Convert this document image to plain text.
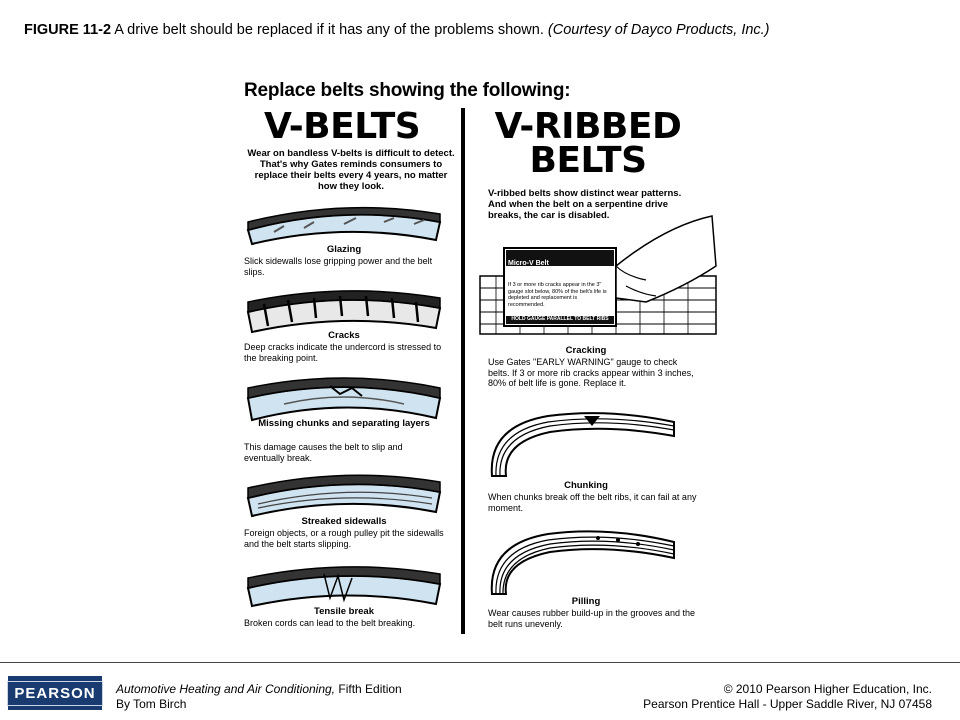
FIGURE 11-2 A drive belt should be replaced if it has any of the problems shown. (Courtesy of Dayco Products, Inc.)
Replace belts showing the following:
V-BELTS V-RIBBED
BELTS
Wear on bandless V-belts is difficult to detect. That's why Gates reminds consumers to replace their belts every 4 years, no matter how they look.
V-ribbed belts show distinct wear patterns. And when the belt on a serpentine drive breaks, the car is disabled.
Glazing
Slick sidewalls lose gripping power and the belt slips.
Cracks
Deep cracks indicate the undercord is stressed to the breaking point.
Missing chunks and separating layers
This damage causes the belt to slip and eventually break.
Streaked sidewalls
Foreign objects, or a rough pulley pit the sidewalls and the belt starts slipping.
Tensile break
Broken cords can lead to the belt breaking.
Micro-V Belt
EARLY WARNING
If 3 or more rib cracks appear in the 3" gauge slot below, 80% of the belt's life is depleted and replacement is recommended.
HOLD GAUGE PARALLEL TO BELT RIBS
Cracking
Use Gates "EARLY WARNING" gauge to check belts. If 3 or more rib cracks appear within 3 inches, 80% of belt life is gone. Replace it.
Chunking
When chunks break off the belt ribs, it can fail at any moment.
Pilling
Wear causes rubber build-up in the grooves and the belt runs unevenly.
PEARSON	Automotive Heating and Air Conditioning, Fifth Edition
By Tom Birch
© 2010 Pearson Higher Education, Inc.
Pearson Prentice Hall - Upper Saddle River, NJ 07458
